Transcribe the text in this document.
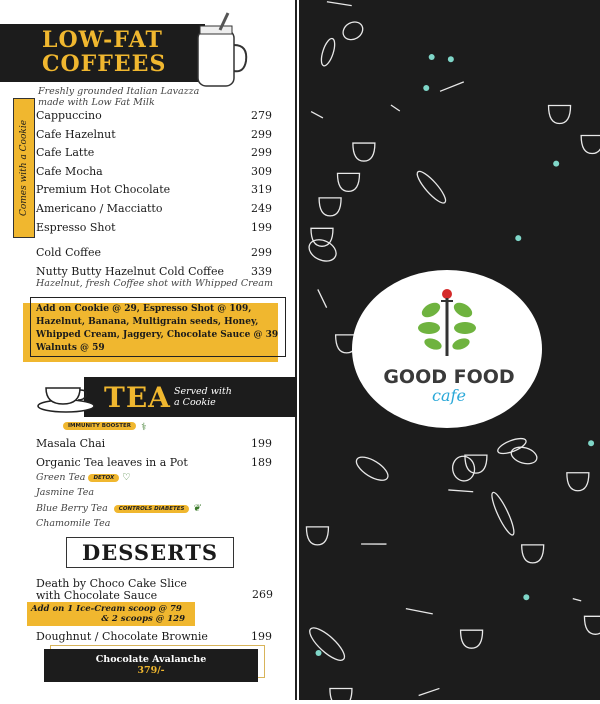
LOW-FAT
COFFEES
Freshly grounded Italian Lavazza
made with Low Fat Milk
Comes with a Cookie
Cappuccino	279
Cafe Hazelnut	299
Cafe Latte	299
Cafe Mocha	309
Premium Hot Chocolate	319
Americano / Macciatto	249
Espresso Shot	199
Cold Coffee	299
Nutty Butty Hazelnut Cold Coffee 339
Hazelnut, fresh Coffee shot with Whipped Cream
Add on Cookie @ 29, Espresso Shot @ 109,
Hazelnut, Banana, Multigrain seeds, Honey,
Whipped Cream, Jaggery, Chocolate Sauce @ 39
Walnuts @ 59
TEA Served with
a Cookie
IMMUNITY BOOSTER ⚕
Masala Chai	199
Organic Tea leaves in a Pot	189
Green Tea DETOX ♡
Jasmine Tea
Blue Berry Tea CONTROLS DIABETES ❦
Chamomile Tea
DESSERTS
Death by Choco Cake Slice
with Chocolate Sauce	269
Add on 1 Ice-Cream scoop @ 79
& 2 scoops @ 129
Doughnut / Chocolate Brownie	199
Chocolate Avalanche
379/-
GOOD FOOD
cafe
